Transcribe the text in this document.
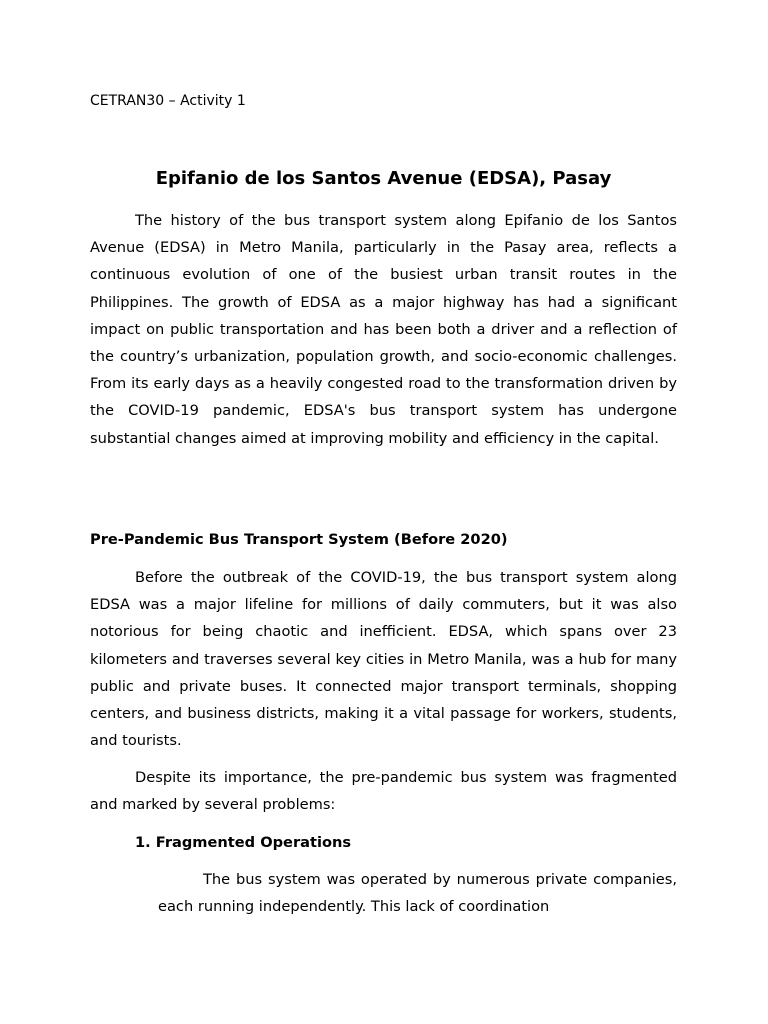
CETRAN30 – Activity 1
Epifanio de los Santos Avenue (EDSA), Pasay

The history of the bus transport system along Epifanio de los Santos Avenue (EDSA) in Metro Manila, particularly in the Pasay area, reflects a continuous evolution of one of the busiest urban transit routes in the Philippines. The growth of EDSA as a major highway has had a significant impact on public transportation and has been both a driver and a reflection of the country’s urbanization, population growth, and socio-economic challenges. From its early days as a heavily congested road to the transformation driven by the COVID-19 pandemic, EDSA's bus transport system has undergone substantial changes aimed at improving mobility and efficiency in the capital.

Pre-Pandemic Bus Transport System (Before 2020)

Before the outbreak of the COVID-19, the bus transport system along EDSA was a major lifeline for millions of daily commuters, but it was also notorious for being chaotic and inefficient. EDSA, which spans over 23 kilometers and traverses several key cities in Metro Manila, was a hub for many public and private buses. It connected major transport terminals, shopping centers, and business districts, making it a vital passage for workers, students, and tourists.

Despite its importance, the pre-pandemic bus system was fragmented and marked by several problems:

1. Fragmented Operations

The bus system was operated by numerous private companies, each running independently. This lack of coordination
